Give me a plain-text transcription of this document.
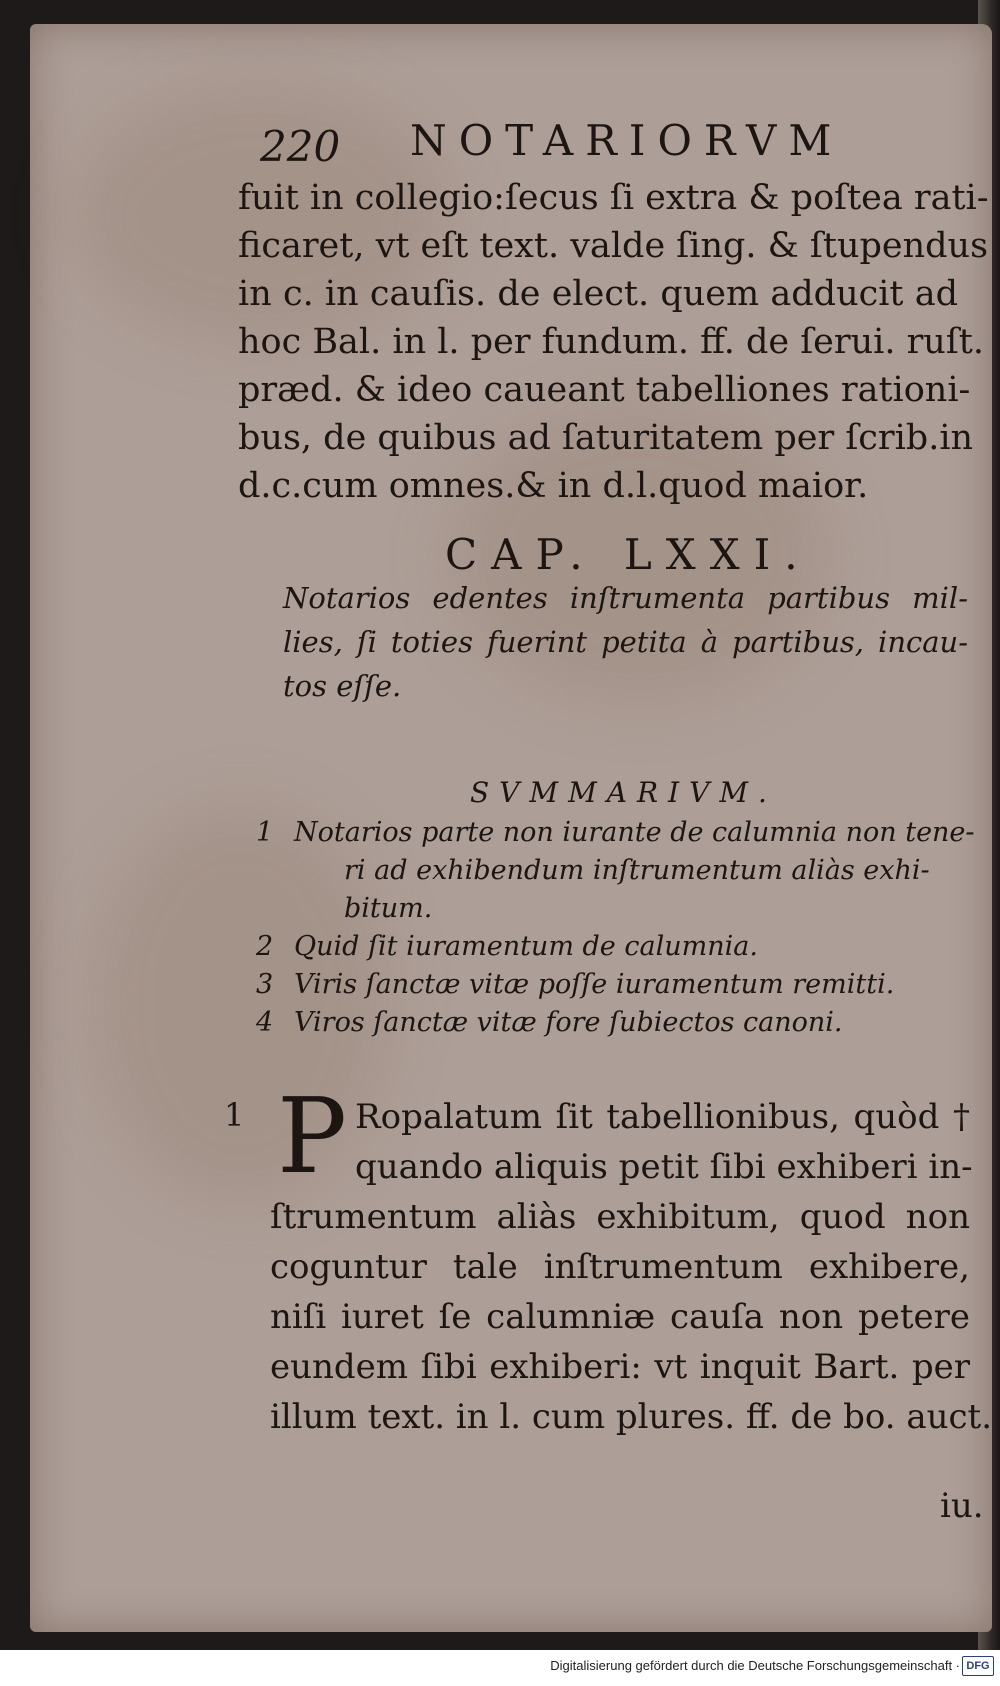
220 NOTARIORVM
fuit in collegio:ſecus ſi extra & poſtea rati-
ficaret, vt eſt text. valde ſing. & ſtupendus
in c. in cauſis. de elect. quem adducit ad
hoc Bal. in l. per fundum. ff. de ſerui. ruſt.
præd. & ideo caueant tabelliones rationi-
bus, de quibus ad ſaturitatem per ſcrib.in
d.c.cum omnes.& in d.l.quod maior.
CAP. LXXI.
Notarios edentes inſtrumenta partibus mil-
lies, ſi toties fuerint petita à partibus, incau-
tos eſſe.
SVMMARIVM.
1 Notarios parte non iurante de calumnia non tene-
ri ad exhibendum inſtrumentum aliàs exhi-
bitum.
2 Quid ſit iuramentum de calumnia.
3 Viris ſanctæ vitæ poſſe iuramentum remitti.
4 Viros ſanctæ vitæ fore ſubiectos canoni.
1 P Ropalatum ſit tabellionibus, quòd †
quando aliquis petit ſibi exhiberi in-
ſtrumentum aliàs exhibitum, quod non
coguntur tale inſtrumentum exhibere,
niſi iuret ſe calumniæ cauſa non petere
eundem ſibi exhiberi: vt inquit Bart. per
illum text. in l. cum plures. ff. de bo. auct.
iu.
Digitalisierung gefördert durch die Deutsche Forschungsgemeinschaft · DFG
